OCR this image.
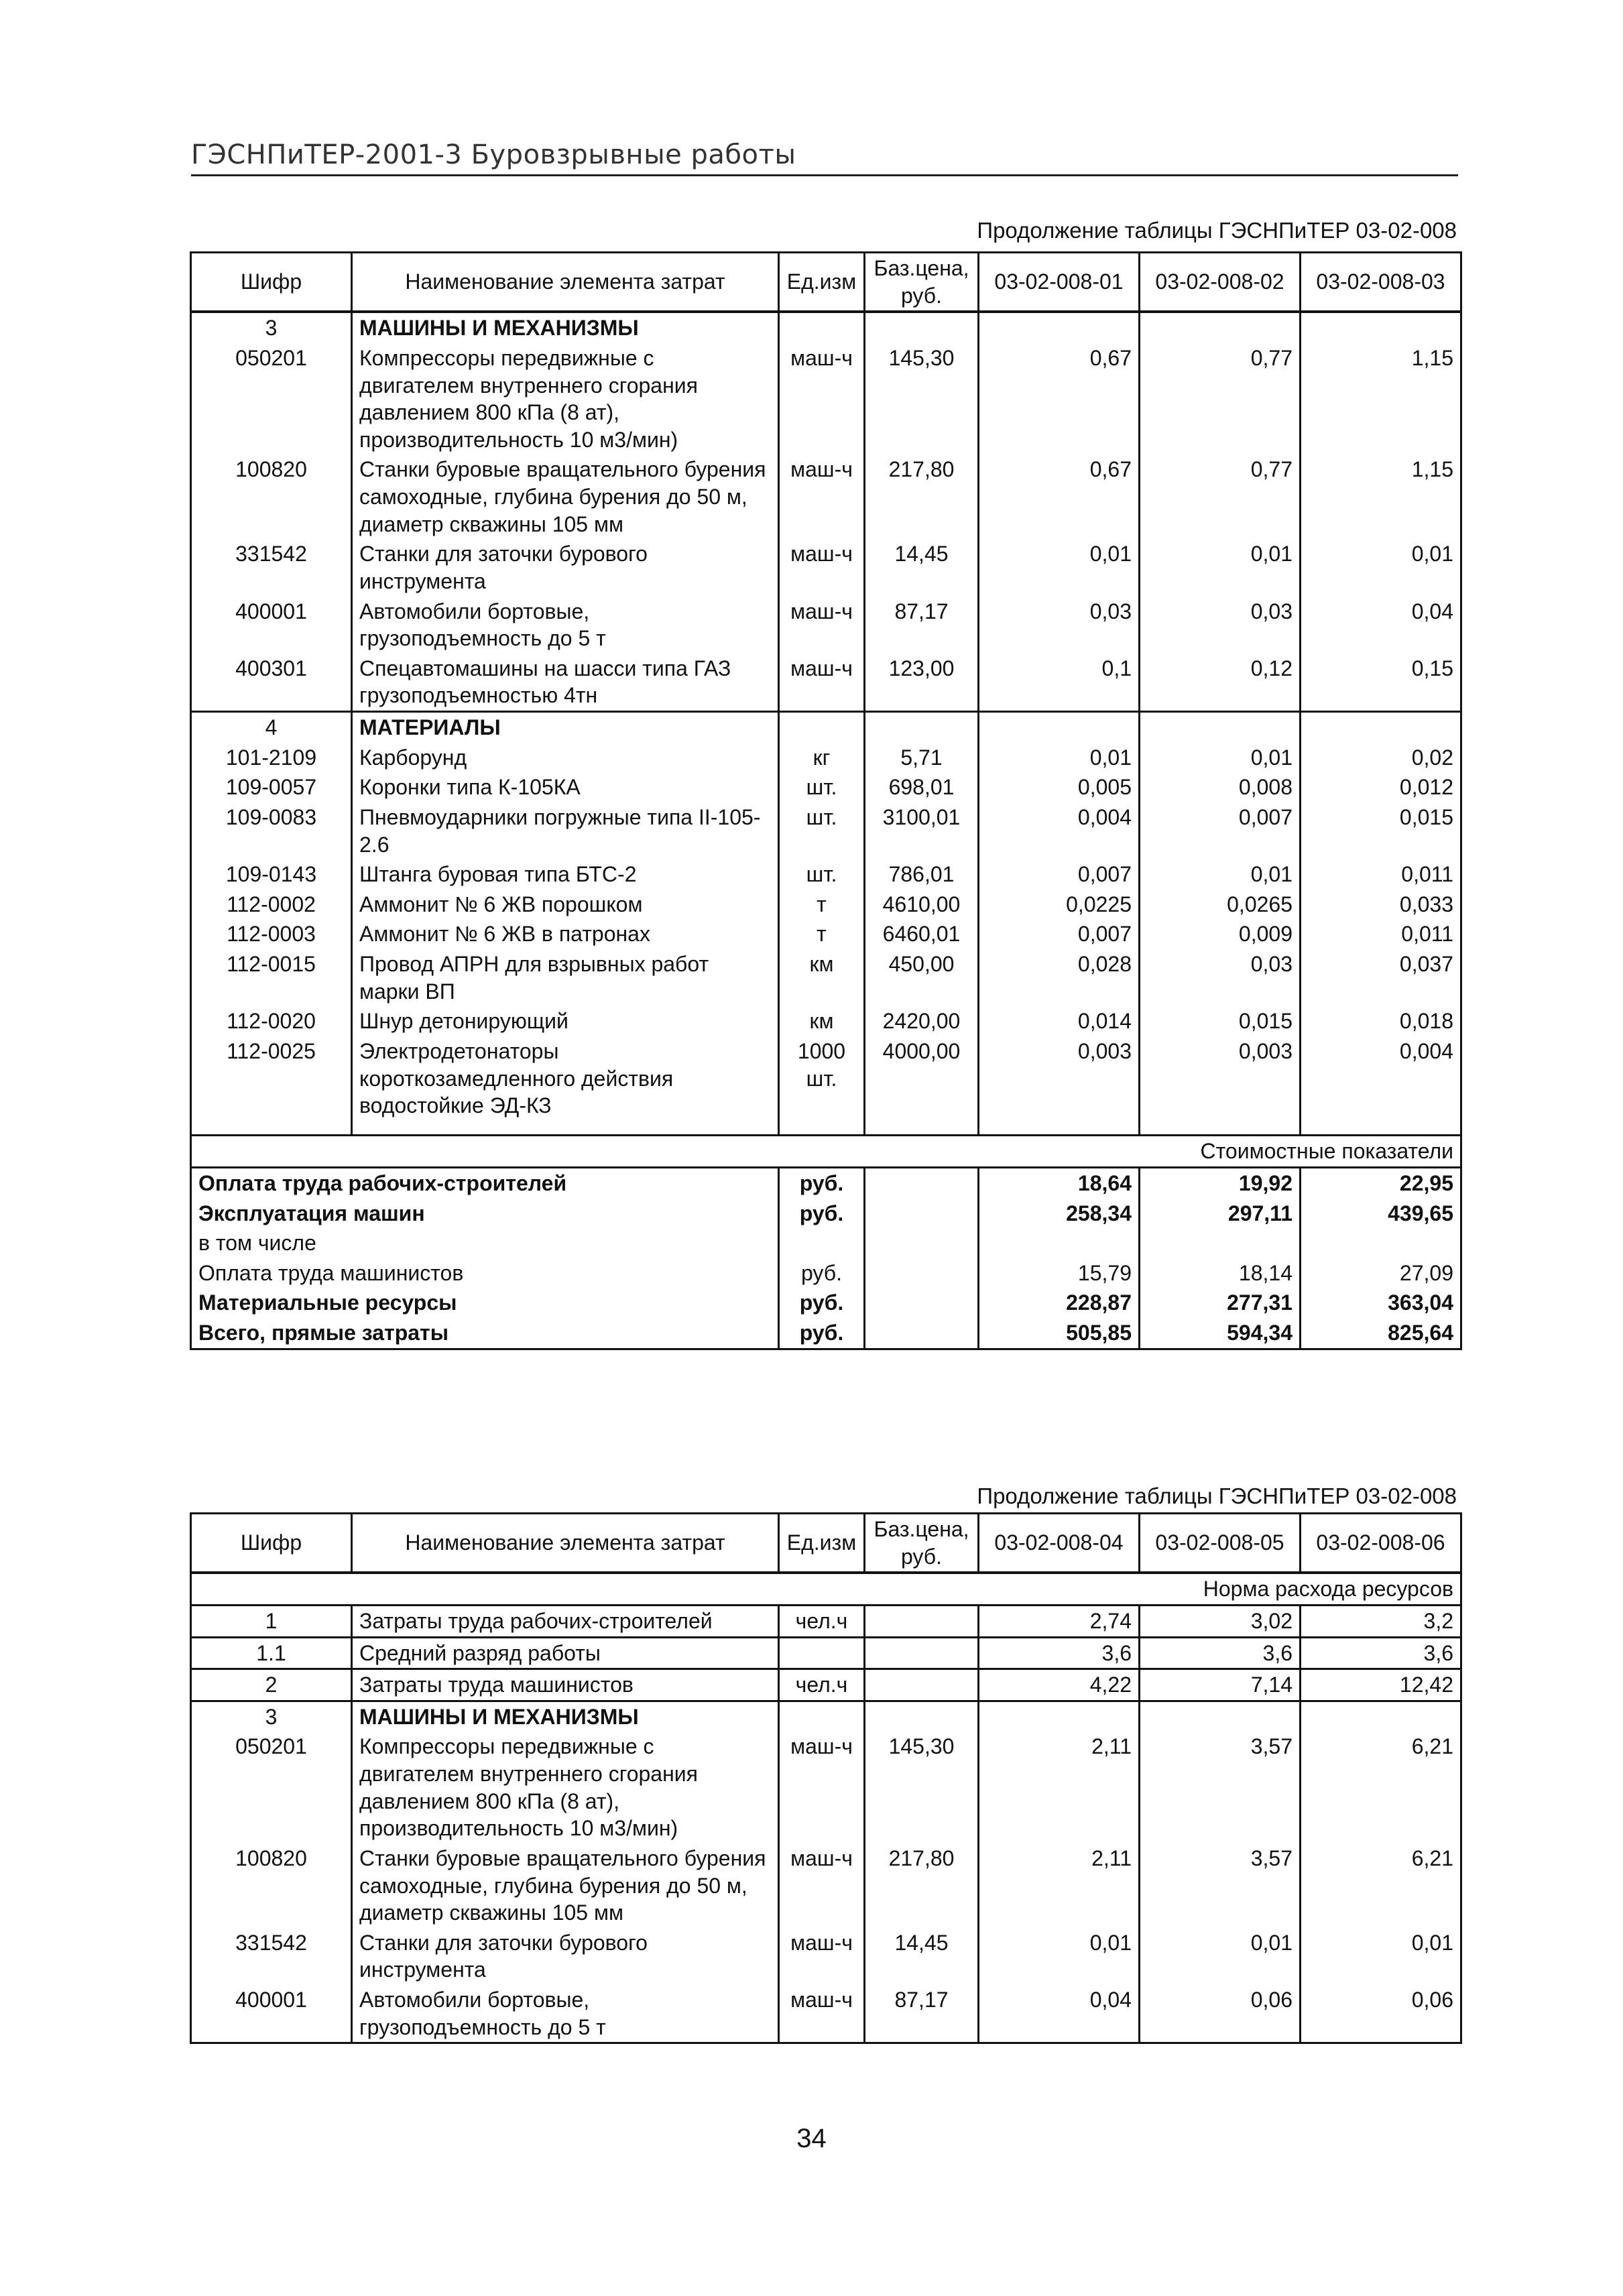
ГЭСНПиТЕР-2001-3 Буровзрывные работы
Продолжение таблицы ГЭСНПиТЕР 03-02-008
Шифр	Наименование элемента затрат	Ед.изм	Баз.цена, руб.	03-02-008-01	03-02-008-02	03-02-008-03
3	МАШИНЫ И МЕХАНИЗМЫ					
050201	Компрессоры передвижные с двигателем внутреннего сгорания давлением 800 кПа (8 ат), производительность 10 м3/мин)	маш-ч	145,30	0,67	0,77	1,15
100820	Станки буровые вращательного бурения самоходные, глубина бурения до 50 м, диаметр скважины 105 мм	маш-ч	217,80	0,67	0,77	1,15
331542	Станки для заточки бурового инструмента	маш-ч	14,45	0,01	0,01	0,01
400001	Автомобили бортовые, грузоподъемность до 5 т	маш-ч	87,17	0,03	0,03	0,04
400301	Спецавтомашины на шасси типа ГАЗ грузоподъемностью 4тн	маш-ч	123,00	0,1	0,12	0,15
4	МАТЕРИАЛЫ					
101-2109	Карборунд	кг	5,71	0,01	0,01	0,02
109-0057	Коронки типа К-105КА	шт.	698,01	0,005	0,008	0,012
109-0083	Пневмоударники погружные типа II-105-2.6	шт.	3100,01	0,004	0,007	0,015
109-0143	Штанга буровая типа БТС-2	шт.	786,01	0,007	0,01	0,011
112-0002	Аммонит № 6 ЖВ порошком	т	4610,00	0,0225	0,0265	0,033
112-0003	Аммонит № 6 ЖВ в патронах	т	6460,01	0,007	0,009	0,011
112-0015	Провод АПРН для взрывных работ марки ВП	км	450,00	0,028	0,03	0,037
112-0020	Шнур детонирующий	км	2420,00	0,014	0,015	0,018
112-0025	Электродетонаторы короткозамедленного действия водостойкие ЭД-КЗ	1000 шт.	4000,00	0,003	0,003	0,004

Стоимостные показатели						
Оплата труда рабочих-строителей		руб.		18,64	19,92	22,95
Эксплуатация машин		руб.		258,34	297,11	439,65
в том числе						
Оплата труда машинистов		руб.		15,79	18,14	27,09
Материальные ресурсы		руб.		228,87	277,31	363,04
Всего, прямые затраты		руб.		505,85	594,34	825,64
Продолжение таблицы ГЭСНПиТЕР 03-02-008
Шифр	Наименование элемента затрат	Ед.изм	Баз.цена, руб.	03-02-008-04	03-02-008-05	03-02-008-06
Норма расхода ресурсов						
1	Затраты труда рабочих-строителей	чел.ч		2,74	3,02	3,2
1.1	Средний разряд работы			3,6	3,6	3,6
2	Затраты труда машинистов	чел.ч		4,22	7,14	12,42
3	МАШИНЫ И МЕХАНИЗМЫ					
050201	Компрессоры передвижные с двигателем внутреннего сгорания давлением 800 кПа (8 ат), производительность 10 м3/мин)	маш-ч	145,30	2,11	3,57	6,21
100820	Станки буровые вращательного бурения самоходные, глубина бурения до 50 м, диаметр скважины 105 мм	маш-ч	217,80	2,11	3,57	6,21
331542	Станки для заточки бурового инструмента	маш-ч	14,45	0,01	0,01	0,01
400001	Автомобили бортовые, грузоподъемность до 5 т	маш-ч	87,17	0,04	0,06	0,06
34
